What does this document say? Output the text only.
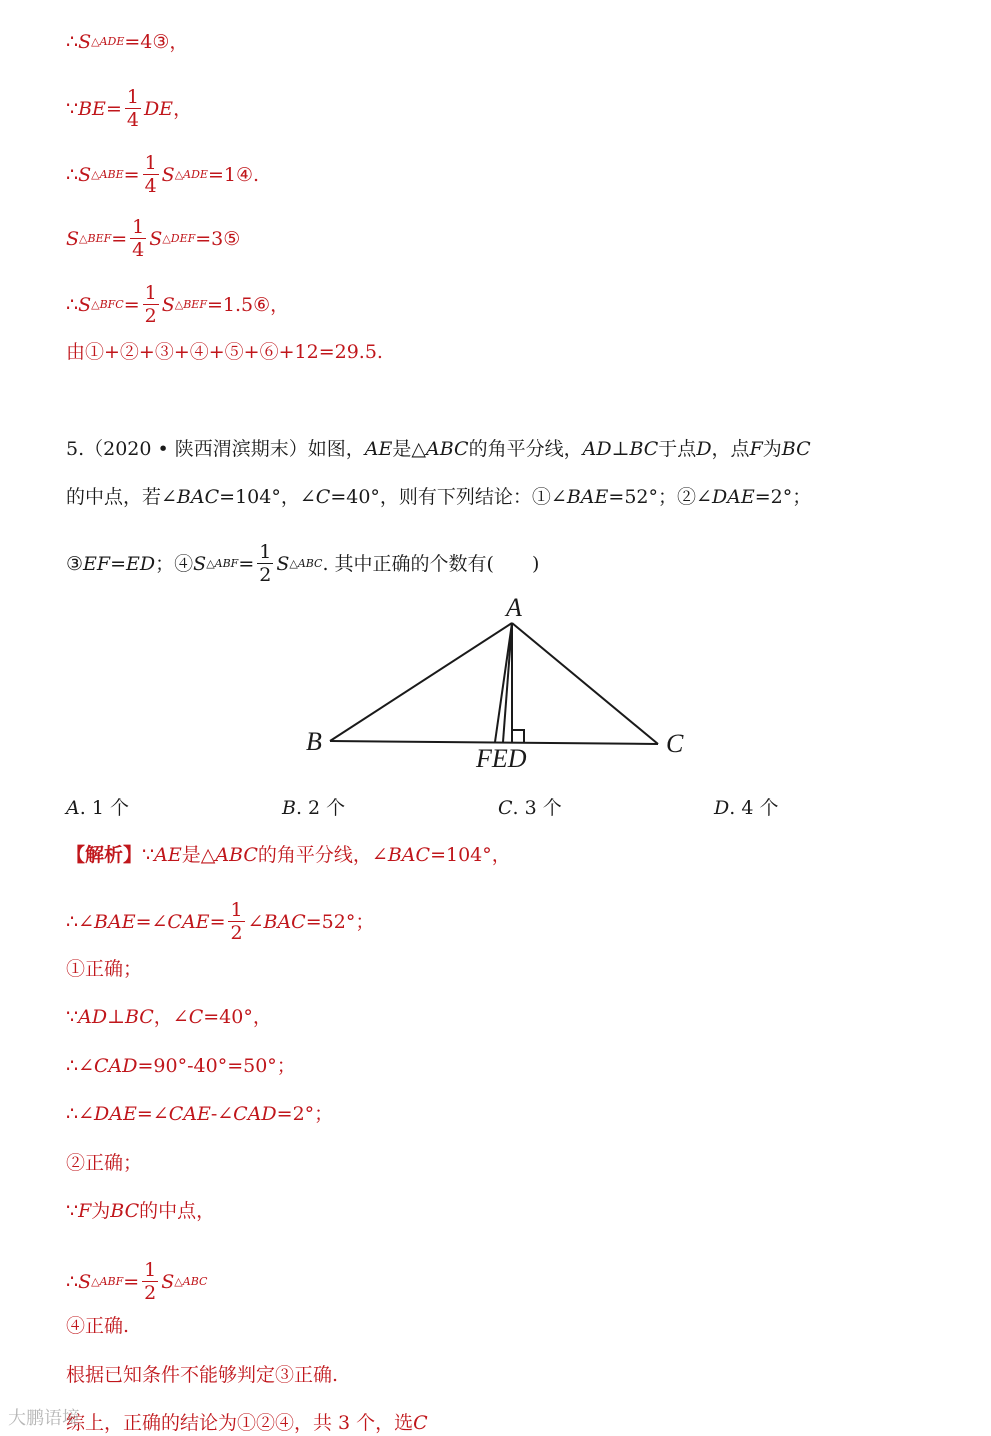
∴ S △ADE =4③，
∵ BE = $\frac{1}{4}$ DE ，
∴ S △ABE = $\frac{1}{4}$ S △ADE =1④.
S △BEF = $\frac{1}{4}$ S △DEF =3⑤
∴ S △BFC = $\frac{1}{2}$ S △BEF =1.5⑥，
由①+②+③+④+⑤+⑥+12=29.5.
5.（2020 • 陕西渭滨期末）如图， AE 是△ ABC 的角平分线， AD ⊥ BC 于点 D ，点 F 为 BC
的中点，若∠ BAC =104°，∠ C =40°，则有下列结论：①∠ BAE =52°；②∠ DAE =2°；
③ EF = ED ；④ S △ABF = $\frac{1}{2}$ S △ABC . 其中正确的个数有(　　)
A
B	C
FED
A. 1 个	B. 2 个	C. 3 个	D. 4 个
【解析】 ∵ AE 是△ ABC 的角平分线，∠ BAC =104°，
∴∠ BAE =∠ CAE = $\frac{1}{2}$ ∠ BAC =52°；
①正确；
∵ AD ⊥ BC ，∠ C =40°，
∴∠ CAD =90°-40°=50°；
∴∠ DAE =∠ CAE -∠ CAD =2°；
②正确；
∵ F 为 BC 的中点，
∴ S △ABF = $\frac{1}{2}$ S △ABC
④正确.
根据已知条件不能够判定③正确.
综上，正确的结论为①②④，共 3 个，选 C
大鹏语境
